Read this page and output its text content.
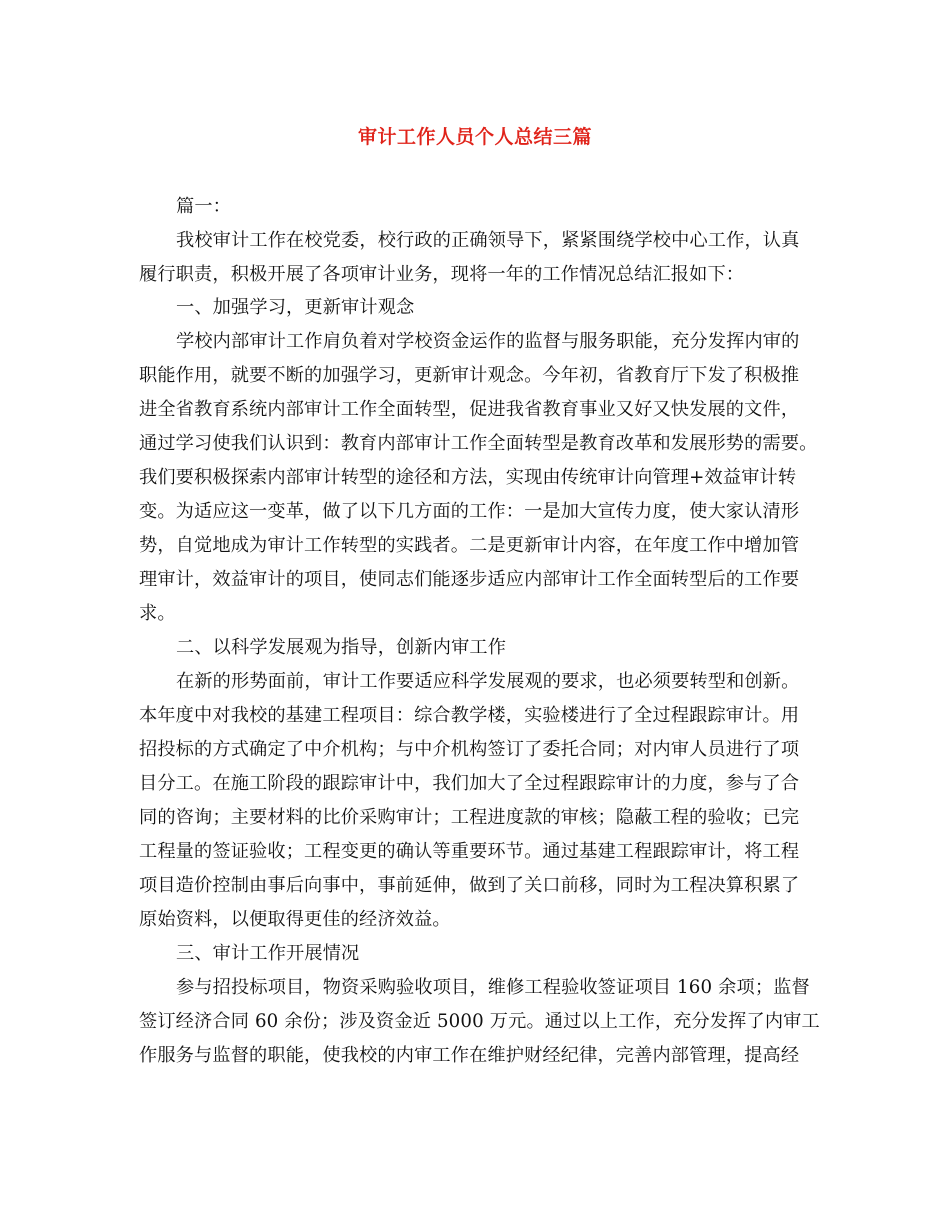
审计工作人员个人总结三篇
篇一：
我校审计工作在校党委，校行政的正确领导下，紧紧围绕学校中心工作，认真
履行职责，积极开展了各项审计业务，现将一年的工作情况总结汇报如下：
一、加强学习，更新审计观念
学校内部审计工作肩负着对学校资金运作的监督与服务职能，充分发挥内审的
职能作用，就要不断的加强学习，更新审计观念。今年初，省教育厅下发了积极推
进全省教育系统内部审计工作全面转型，促进我省教育事业又好又快发展的文件，
通过学习使我们认识到：教育内部审计工作全面转型是教育改革和发展形势的需要。
我们要积极探索内部审计转型的途径和方法，实现由传统审计向管理+效益审计转
变。为适应这一变革，做了以下几方面的工作：一是加大宣传力度，使大家认清形
势，自觉地成为审计工作转型的实践者。二是更新审计内容，在年度工作中增加管
理审计，效益审计的项目，使同志们能逐步适应内部审计工作全面转型后的工作要
求。
二、以科学发展观为指导，创新内审工作
在新的形势面前，审计工作要适应科学发展观的要求，也必须要转型和创新。
本年度中对我校的基建工程项目：综合教学楼，实验楼进行了全过程跟踪审计。用
招投标的方式确定了中介机构；与中介机构签订了委托合同；对内审人员进行了项
目分工。在施工阶段的跟踪审计中，我们加大了全过程跟踪审计的力度，参与了合
同的咨询；主要材料的比价采购审计；工程进度款的审核；隐蔽工程的验收；已完
工程量的签证验收；工程变更的确认等重要环节。通过基建工程跟踪审计，将工程
项目造价控制由事后向事中，事前延伸，做到了关口前移，同时为工程决算积累了
原始资料，以便取得更佳的经济效益。
三、审计工作开展情况
参与招投标项目，物资采购验收项目，维修工程验收签证项目 160 余项；监督
签订经济合同 60 余份；涉及资金近 5000 万元。通过以上工作，充分发挥了内审工
作服务与监督的职能，使我校的内审工作在维护财经纪律，完善内部管理，提高经
